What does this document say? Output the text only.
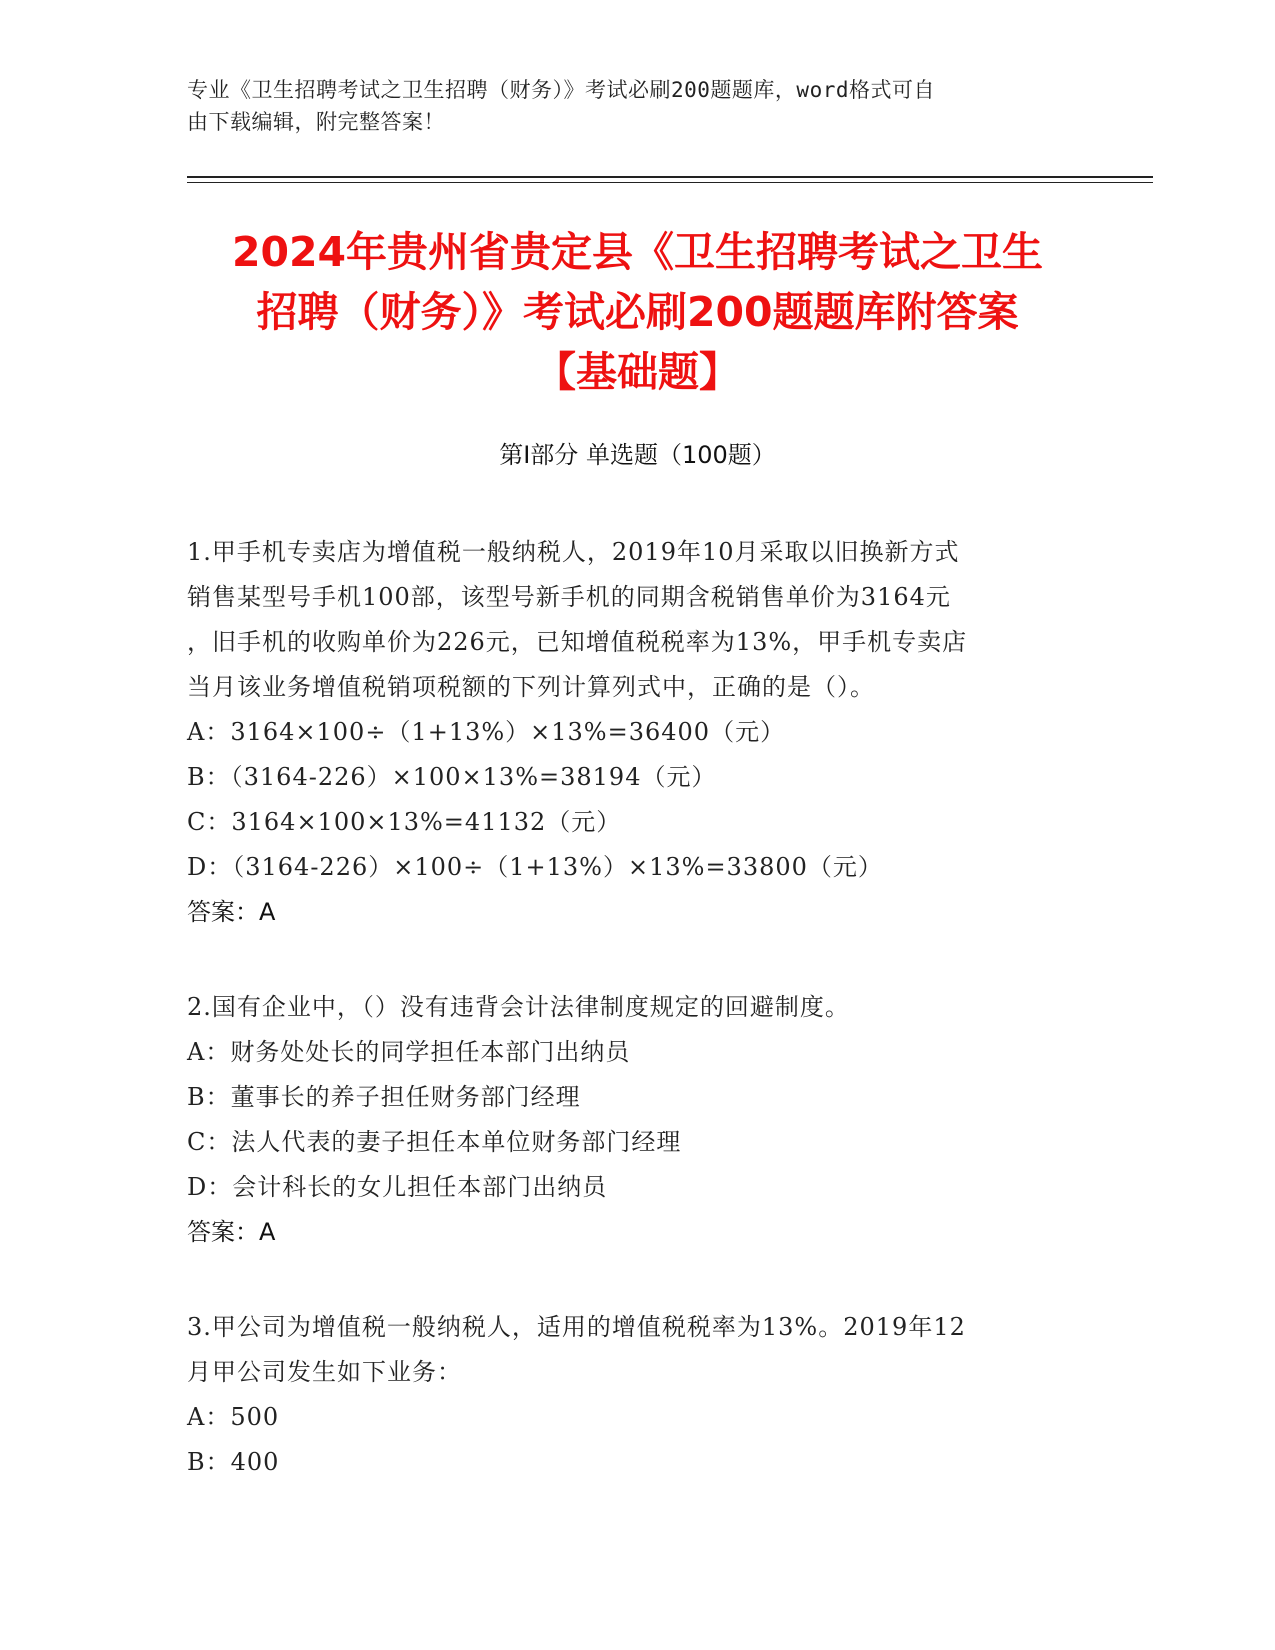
专业《卫生招聘考试之卫生招聘（财务）》考试必刷200题题库，word格式可自
由下载编辑，附完整答案！
2024年贵州省贵定县《卫生招聘考试之卫生
招聘（财务）》考试必刷200题题库附答案
【基础题】
第Ⅰ部分 单选题（100题）
1.甲手机专卖店为增值税一般纳税人，2019年10月采取以旧换新方式
销售某型号手机100部，该型号新手机的同期含税销售单价为3164元
，旧手机的收购单价为226元，已知增值税税率为13%，甲手机专卖店
当月该业务增值税销项税额的下列计算列式中，正确的是（）。
A：3164×100÷（1+13%）×13%=36400（元）
B：（3164-226）×100×13%=38194（元）
C：3164×100×13%=41132（元）
D：（3164-226）×100÷（1+13%）×13%=33800（元）
答案：A
2.国有企业中，（）没有违背会计法律制度规定的回避制度。
A：财务处处长的同学担任本部门出纳员
B：董事长的养子担任财务部门经理
C：法人代表的妻子担任本单位财务部门经理
D：会计科长的女儿担任本部门出纳员
答案：A
3.甲公司为增值税一般纳税人，适用的增值税税率为13%。2019年12
月甲公司发生如下业务：
A：500
B：400
